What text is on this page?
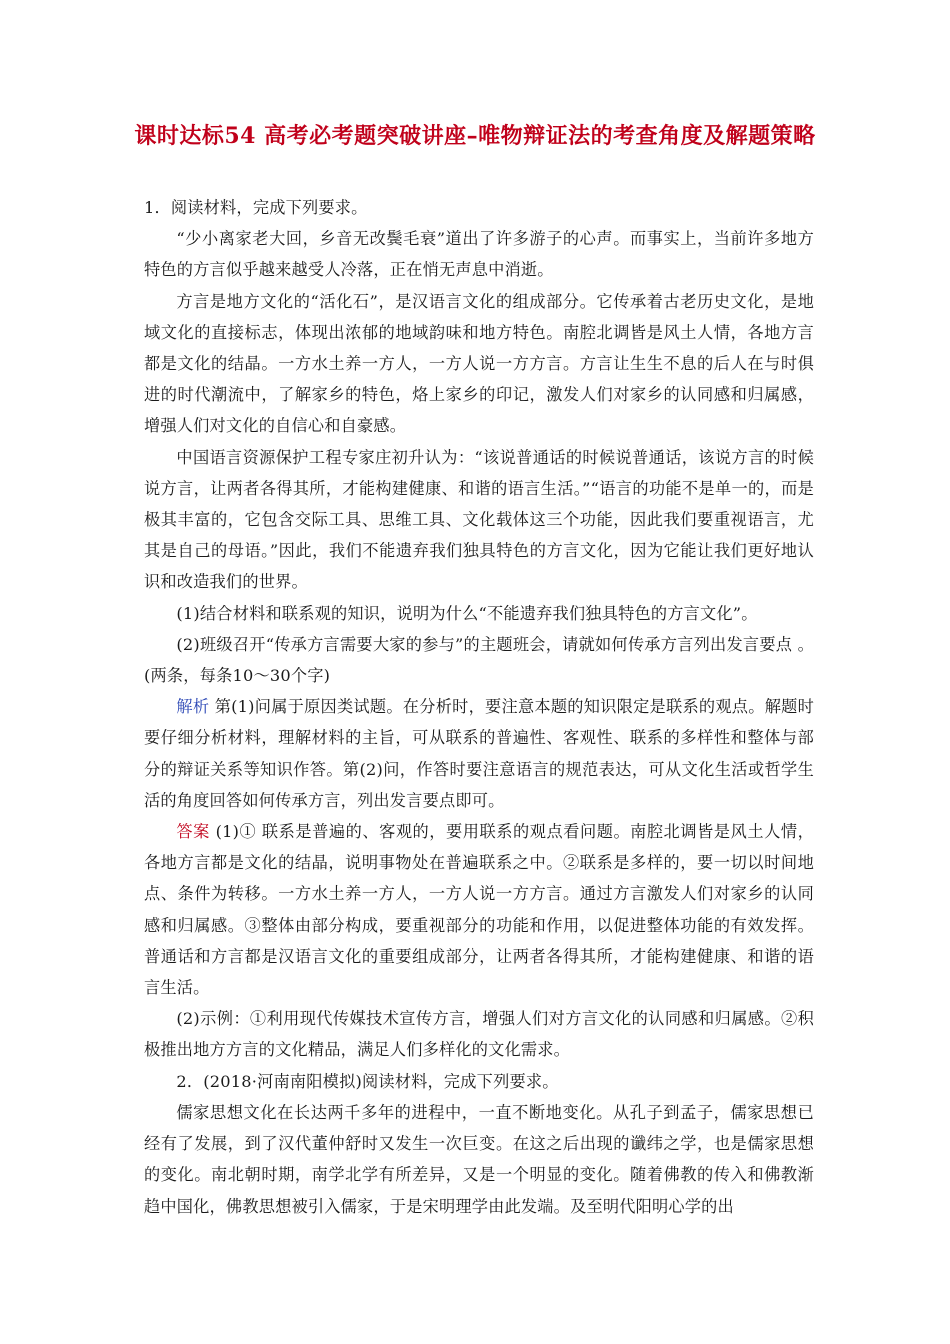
课时达标54 高考必考题突破讲座–唯物辩证法的考查角度及解题策略

1．阅读材料，完成下列要求。

“少小离家老大回，乡音无改鬓毛衰”道出了许多游子的心声。而事实上，当前许多地方特色的方言似乎越来越受人冷落，正在悄无声息中消逝。

方言是地方文化的“活化石”，是汉语言文化的组成部分。它传承着古老历史文化，是地域文化的直接标志，体现出浓郁的地域韵味和地方特色。南腔北调皆是风土人情，各地方言都是文化的结晶。一方水土养一方人，一方人说一方方言。方言让生生不息的后人在与时俱进的时代潮流中，了解家乡的特色，烙上家乡的印记，激发人们对家乡的认同感和归属感，增强人们对文化的自信心和自豪感。

中国语言资源保护工程专家庄初升认为：“该说普通话的时候说普通话，该说方言的时候说方言，让两者各得其所，才能构建健康、和谐的语言生活。”“语言的功能不是单一的，而是极其丰富的，它包含交际工具、思维工具、文化载体这三个功能，因此我们要重视语言，尤其是自己的母语。”因此，我们不能遗弃我们独具特色的方言文化，因为它能让我们更好地认识和改造我们的世界。

(1)结合材料和联系观的知识，说明为什么“不能遗弃我们独具特色的方言文化”。

(2)班级召开“传承方言需要大家的参与”的主题班会，请就如何传承方言列出发言要点 。(两条，每条10～30个字)

解析 第(1)问属于原因类试题。在分析时，要注意本题的知识限定是联系的观点。解题时要仔细分析材料，理解材料的主旨，可从联系的普遍性、客观性、联系的多样性和整体与部分的辩证关系等知识作答。第(2)问，作答时要注意语言的规范表达，可从文化生活或哲学生活的角度回答如何传承方言，列出发言要点即可。

答案 (1)① 联系是普遍的、客观的，要用联系的观点看问题。南腔北调皆是风土人情，各地方言都是文化的结晶，说明事物处在普遍联系之中。②联系是多样的，要一切以时间地点、条件为转移。一方水土养一方人，一方人说一方方言。通过方言激发人们对家乡的认同感和归属感。③整体由部分构成，要重视部分的功能和作用，以促进整体功能的有效发挥。普通话和方言都是汉语言文化的重要组成部分，让两者各得其所，才能构建健康、和谐的语言生活。

(2)示例：①利用现代传媒技术宣传方言，增强人们对方言文化的认同感和归属感。②积极推出地方方言的文化精品，满足人们多样化的文化需求。

2．(2018·河南南阳模拟)阅读材料，完成下列要求。

儒家思想文化在长达两千多年的进程中，一直不断地变化。从孔子到孟子，儒家思想已经有了发展，到了汉代董仲舒时又发生一次巨变。在这之后出现的谶纬之学，也是儒家思想的变化。南北朝时期，南学北学有所差异，又是一个明显的变化。随着佛教的传入和佛教渐趋中国化，佛教思想被引入儒家，于是宋明理学由此发端。及至明代阳明心学的出
